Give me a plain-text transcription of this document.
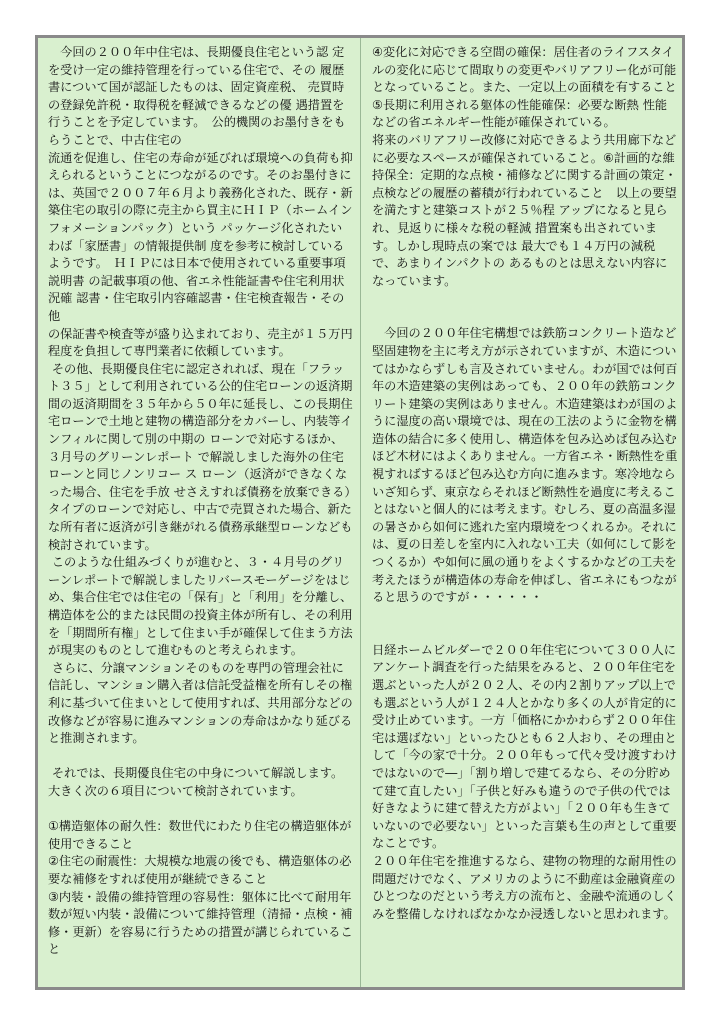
　今回の２００年中住宅は、長期優良住宅という認 定を受け一定の維持管理を行っている住宅で、その 履歴書について国が認証したものは、固定資産税、 売買時の登録免許税・取得税を軽減できるなどの優 遇措置を行うことを予定しています。　公的機関のお墨付きをもらうことで、中古住宅の
流通を促進し、住宅の寿命が延びれば環境への負荷も抑えられるということにつながるのです。そのお墨付きには、英国で２００７年６月より義務化された、既存・新築住宅の取引の際に売主から買主にＨＩＰ（ホームインフォメーションパック）という パッケージ化されたいわば「家歴書」の情報提供制 度を参考に検討しているようです。　ＨＩＰには日本で使用されている重要事項説明書 の記載事項の他、省エネ性能証書や住宅利用状況確 認書・住宅取引内容確認書・住宅検査報告・その他
の保証書や検査等が盛り込まれており、売主が１５万円程度を負担して専門業者に依頼しています。

その他、長期優良住宅に認定されれば、現在「フラット３５」として利用されている公的住宅ローンの返済期間の返済期間を３５年から５０年に延長し、この長期住宅ローンで土地と建物の構造部分をカバーし、内装等インフィルに関して別の中期の ローンで対応するほか、３月号のグリーンレポート で解説しました海外の住宅ローンと同じノンリコー ス ローン（返済ができなくなった場合、住宅を手放 せさえすれば債務を放棄できる）タイプのローンで対応し、中古で売買された場合、新たな所有者に返済が引き継がれる債務承継型ローンなども検討されています。

このような仕組みづくりが進むと、３・４月号のグリーンレポートで解説しましたリバースモーゲージをはじめ、集合住宅では住宅の「保有」と「利用」を分離し、構造体を公的または民間の投資主体が所有し、その利用を「期間所有権」として住まい手が確保して住まう方法が現実のものとして進むものと考えられます。

さらに、分譲マンションそのものを専門の管理会社に信託し、マンション購入者は信託受益権を所有しその権利に基づいて住まいとして使用すれば、共用部分などの改修などが容易に進みマンションの寿命はかなり延びると推測されます。

それでは、長期優良住宅の中身について解説します。大きく次の６項目について検討されています。

①構造躯体の耐久性：数世代にわたり住宅の構造躯体が使用できること

②住宅の耐震性：大規模な地震の後でも、構造躯体の必要な補修をすれば使用が継続できること

③内装・設備の維持管理の容易性：躯体に比べて耐用年数が短い内装・設備について維持管理（清掃・点検・補修・更新）を容易に行うための措置が講じられていること

④変化に対応できる空間の確保：居住者のライフスタイルの変化に応じて間取りの変更やバリアフリー化が可能となっていること。また、一定以上の面積を有すること ⑤長期に利用される躯体の性能確保：必要な断熱 性能などの省エネルギー性能が確保されている。
将来のバリアフリー改修に対応できるよう共用廊下などに必要なスペースが確保されていること。⑥計画的な維持保全：定期的な点検・補修などに関する計画の策定・点検などの履歴の蓄積が行われていること　以上の要望を満たすと建築コストが２５％程 アップになると見られ、見返りに様々な税の軽減 措置案も出されています。しかし現時点の案では 最大でも１４万円の減税で、あまりインパクトの あるものとは思えない内容になっています。

　今回の２００年住宅構想では鉄筋コンクリート造など堅固建物を主に考え方が示されていますが、木造についてはかならずしも言及されていません。わが国では何百年の木造建築の実例はあっても、２００年の鉄筋コンクリート建築の実例はありません。木造建築はわが国のように湿度の高い環境では、現在の工法のように金物を構造体の結合に多く使用し、構造体を包み込めば包み込むほど木材にはよくありません。一方省エネ・断熱性を重視すればするほど包み込む方向に進みます。寒冷地ならいざ知らず、東京ならそれほど断熱性を過度に考えることはないと個人的には考えます。むしろ、夏の高温多湿の暑さから如何に逃れた室内環境をつくれるか。それには、夏の日差しを室内に入れない工夫（如何にして影をつくるか）や如何に風の通りをよくするかなどの工夫を考えたほうが構造体の寿命を伸ばし、省エネにもつながると思うのですが・・・・・・

日経ホームビルダーで２００年住宅について３００人にアンケート調査を行った結果をみると、２００年住宅を選ぶといった人が２０２人、その内２割りアップ以上でも選ぶという人が１２４人とかなり多くの人が肯定的に受け止めています。一方「価格にかかわらず２００年住宅は選ばない」といったひとも６２人おり、その理由として「今の家で十分。２００年もって代々受け渡すわけではないので―」「割り増しで建てるなら、その分貯めて建て直したい」「子供と好みも違うので子供の代では好きなように建て替えた方がよい」「２００年も生きていないので必要ない」といった言葉も生の声として重要なことです。

２００年住宅を推進するなら、建物の物理的な耐用性の問題だけでなく、アメリカのように不動産は金融資産のひとつなのだという考え方の流布と、金融や流通のしくみを整備しなければなかなか浸透しないと思われます。
